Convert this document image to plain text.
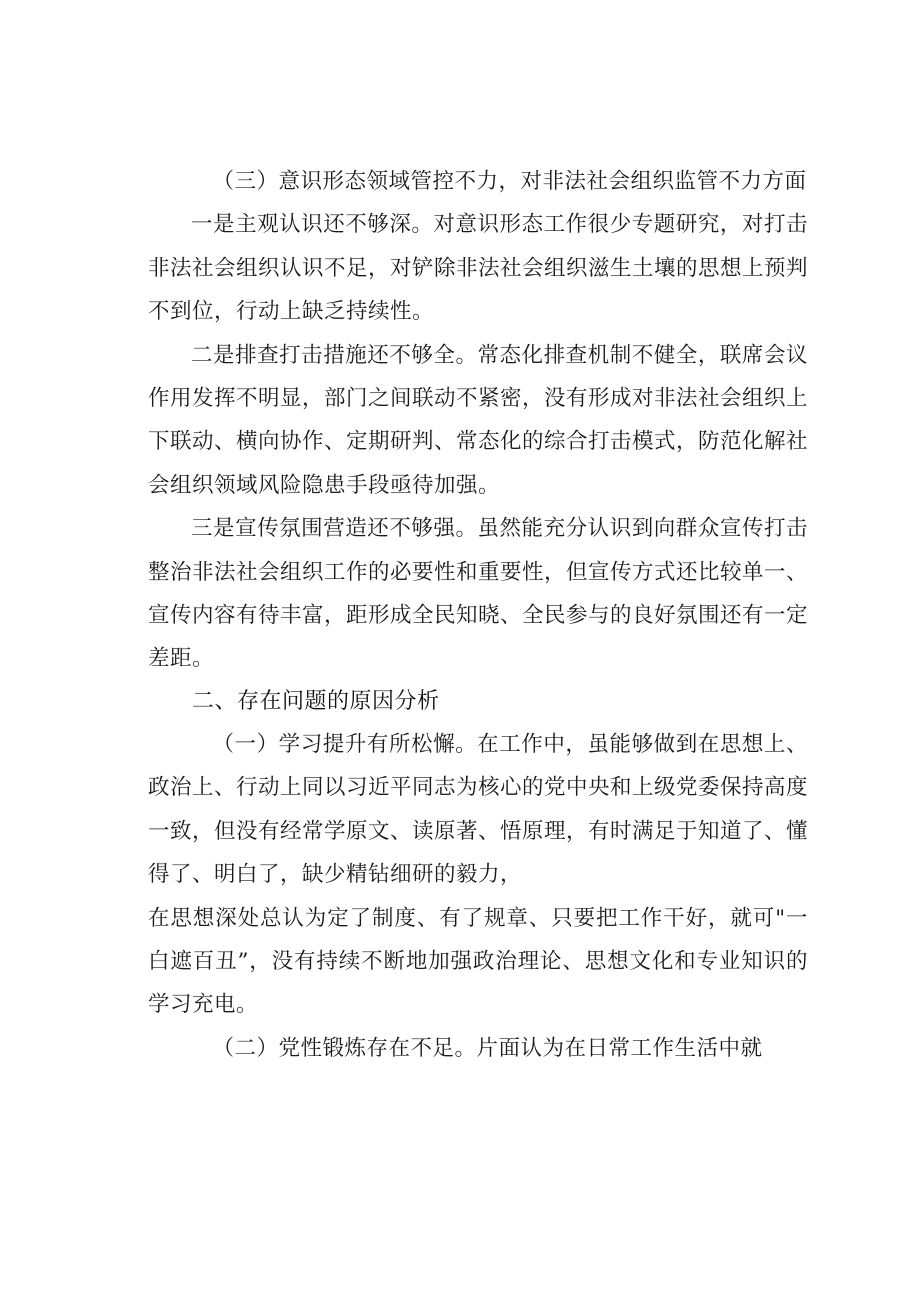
（三）意识形态领域管控不力，对非法社会组织监管不力方面

一是主观认识还不够深。对意识形态工作很少专题研究，对打击非法社会组织认识不足，对铲除非法社会组织滋生土壤的思想上预判不到位，行动上缺乏持续性。

二是排查打击措施还不够全。常态化排查机制不健全，联席会议作用发挥不明显，部门之间联动不紧密，没有形成对非法社会组织上下联动、横向协作、定期研判、常态化的综合打击模式，防范化解社会组织领域风险隐患手段亟待加强。

三是宣传氛围营造还不够强。虽然能充分认识到向群众宣传打击整治非法社会组织工作的必要性和重要性，但宣传方式还比较单一、宣传内容有待丰富，距形成全民知晓、全民参与的良好氛围还有一定差距。

二、存在问题的原因分析

（一）学习提升有所松懈。在工作中，虽能够做到在思想上、政治上、行动上同以习近平同志为核心的党中央和上级党委保持高度一致，但没有经常学原文、读原著、悟原理，有时满足于知道了、懂得了、明白了，缺少精钻细研的毅力，

在思想深处总认为定了制度、有了规章、只要把工作干好，就可"一白遮百丑”，没有持续不断地加强政治理论、思想文化和专业知识的学习充电。

（二）党性锻炼存在不足。片面认为在日常工作生活中就
